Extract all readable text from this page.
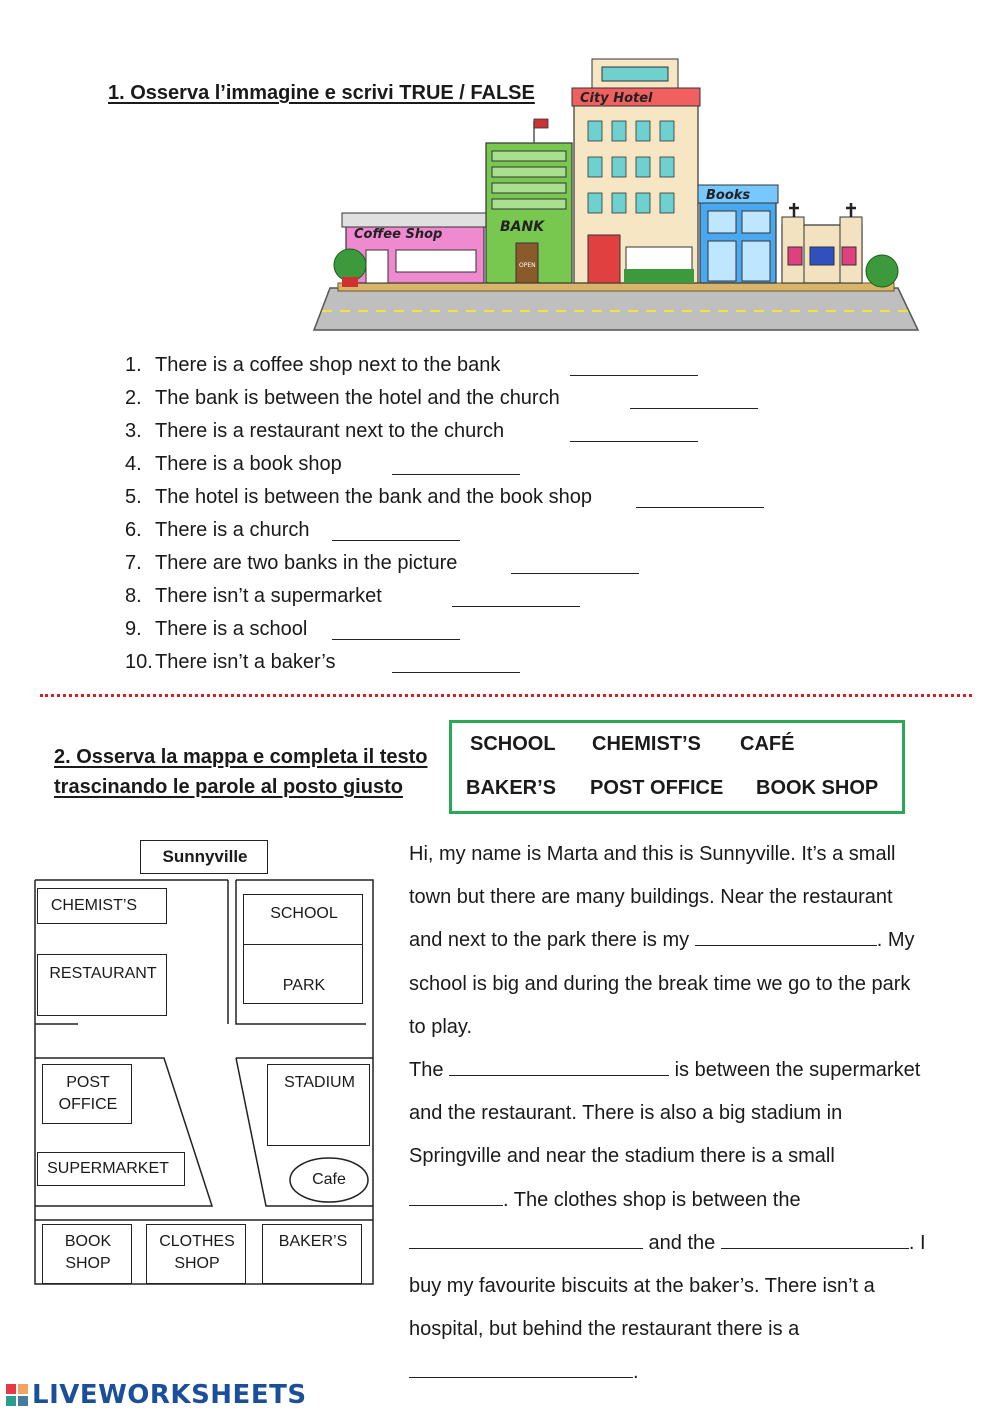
1. Osserva l’immagine e scrivi TRUE / FALSE
Coffee Shop	BANK
OPEN
City Hotel
Books
1. There is a coffee shop next to the bank
2. The bank is between the hotel and the church
3. There is a restaurant next to the church
4. There is a book shop
5. The hotel is between the bank and the book shop
6. There is a church
7. There are two banks in the picture
8. There isn’t a supermarket
9. There is a school
10. There isn’t a baker’s
2. Osserva la mappa e completa il testo
trascinando le parole al posto giusto
SCHOOL CHEMIST’S CAFÉ
BAKER’S POST OFFICE BOOK SHOP
Sunnyville
CHEMIST’S
RESTAURANT
SCHOOL
PARK
POST
OFFICE
STADIUM
SUPERMARKET
Cafe
BOOK
SHOP
CLOTHES
SHOP
BAKER’S
Hi, my name is Marta and this is Sunnyville. It’s a small
town but there are many buildings. Near the restaurant
and next to the park there is my	. My
school is big and during the break time we go to the park
to play.
The	is between the supermarket
and the restaurant. There is also a big stadium in
Springville and near the stadium there is a small
. The clothes shop is between the
and the	. I
buy my favourite biscuits at the baker’s. There isn’t a
hospital, but behind the restaurant there is a
.
LIVEWORKSHEETS
